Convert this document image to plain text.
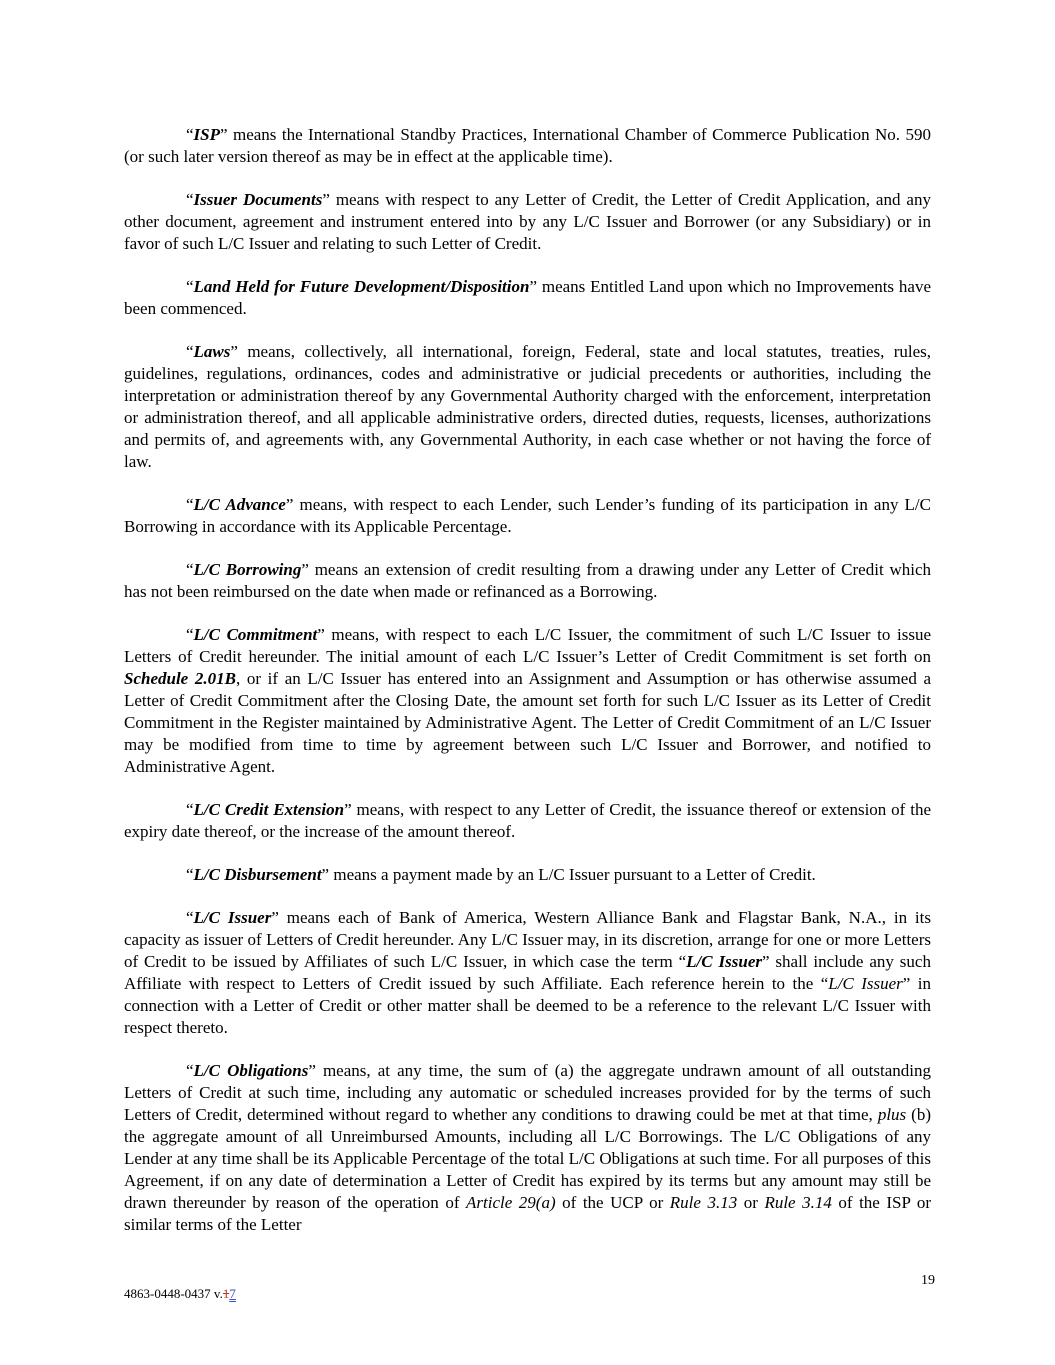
“ISP” means the International Standby Practices, International Chamber of Commerce Publication No. 590 (or such later version thereof as may be in effect at the applicable time).

“Issuer Documents” means with respect to any Letter of Credit, the Letter of Credit Application, and any other document, agreement and instrument entered into by any L/C Issuer and Borrower (or any Subsidiary) or in favor of such L/C Issuer and relating to such Letter of Credit.

“Land Held for Future Development/Disposition” means Entitled Land upon which no Improvements have been commenced.

“Laws” means, collectively, all international, foreign, Federal, state and local statutes, treaties, rules, guidelines, regulations, ordinances, codes and administrative or judicial precedents or authorities, including the interpretation or administration thereof by any Governmental Authority charged with the enforcement, interpretation or administration thereof, and all applicable administrative orders, directed duties, requests, licenses, authorizations and permits of, and agreements with, any Governmental Authority, in each case whether or not having the force of law.

“L/C Advance” means, with respect to each Lender, such Lender’s funding of its participation in any L/C Borrowing in accordance with its Applicable Percentage.

“L/C Borrowing” means an extension of credit resulting from a drawing under any Letter of Credit which has not been reimbursed on the date when made or refinanced as a Borrowing.

“L/C Commitment” means, with respect to each L/C Issuer, the commitment of such L/C Issuer to issue Letters of Credit hereunder. The initial amount of each L/C Issuer’s Letter of Credit Commitment is set forth on Schedule 2.01B, or if an L/C Issuer has entered into an Assignment and Assumption or has otherwise assumed a Letter of Credit Commitment after the Closing Date, the amount set forth for such L/C Issuer as its Letter of Credit Commitment in the Register maintained by Administrative Agent. The Letter of Credit Commitment of an L/C Issuer may be modified from time to time by agreement between such L/C Issuer and Borrower, and notified to Administrative Agent.

“L/C Credit Extension” means, with respect to any Letter of Credit, the issuance thereof or extension of the expiry date thereof, or the increase of the amount thereof.

“L/C Disbursement” means a payment made by an L/C Issuer pursuant to a Letter of Credit.

“L/C Issuer” means each of Bank of America, Western Alliance Bank and Flagstar Bank, N.A., in its capacity as issuer of Letters of Credit hereunder. Any L/C Issuer may, in its discretion, arrange for one or more Letters of Credit to be issued by Affiliates of such L/C Issuer, in which case the term “L/C Issuer” shall include any such Affiliate with respect to Letters of Credit issued by such Affiliate. Each reference herein to the “L/C Issuer” in connection with a Letter of Credit or other matter shall be deemed to be a reference to the relevant L/C Issuer with respect thereto.

“L/C Obligations” means, at any time, the sum of (a) the aggregate undrawn amount of all outstanding Letters of Credit at such time, including any automatic or scheduled increases provided for by the terms of such Letters of Credit, determined without regard to whether any conditions to drawing could be met at that time, plus (b) the aggregate amount of all Unreimbursed Amounts, including all L/C Borrowings. The L/C Obligations of any Lender at any time shall be its Applicable Percentage of the total L/C Obligations at such time. For all purposes of this Agreement, if on any date of determination a Letter of Credit has expired by its terms but any amount may still be drawn thereunder by reason of the operation of Article 29(a) of the UCP or Rule 3.13 or Rule 3.14 of the ISP or similar terms of the Letter

4863-0448-0437 v.17
19
